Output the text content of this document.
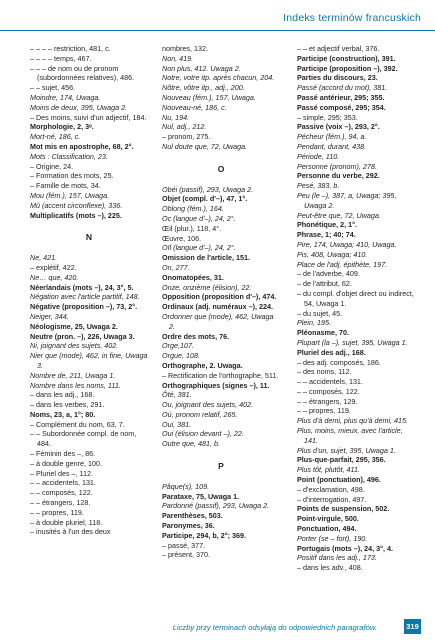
Indeks terminów francuskich
– – – – restriction, 481, c.
– – – – temps, 467.
– – – de nom ou de pronom (subordonnées relatives), 486.
– – sujet, 456.
Moindre, 174, Uwaga.
Moins de deux, 395, Uwaga 2.
– Des moins, suivi d'un adjectif, 184.
Morphologie, 2, 3ᵉ.
Mort-né, 186, c.
Mot mis en apostrophe, 68, 2°.
Mots : Classification, 23.
– Origine, 24.
– Formation des mots, 25.
– Famille de mots, 34.
Mou (fém.), 157, Uwaga.
Mû (accent circonflexe), 336.
Multiplicatifs (mots –), 225.
N
Ne, 421.
– explétif, 422.
Ne… que, 420.
Néerlandais (mots –), 24, 3°, 5.
Négation avec l'article partitif, 148.
Négative (proposition –), 73, 2°.
Neiger, 344.
Néologisme, 25, Uwaga 2.
Neutre (pron. –), 226, Uwaga 3.
Ni, joignant des sujets, 402.
Nier que (mode), 462, in fine, Uwaga 3.
Nombre de, 211, Uwaga 1.
Nombre dans les noms, 111.
– dans les adj., 168.
– dans les verbes, 291.
Noms, 23, a, 1°; 80.
– Complément du nom, 63, 7.
– – Subordonnée compl. de nom, 484.
– Féminin des –, 86.
– à double genre, 100.
– Pluriel des –, 112.
– – accidentels, 131.
– – composés, 122.
– – étrangers, 128.
– – propres, 119.
– à double pluriel, 118.
– inusités à l'un des deux
nombres, 132.
Non, 419.
Non plus, 412. Uwaga 2.
Notre, votre itp. après chacun, 204.
Nôtre, vôtre itp., adj., 200.
Nouveau (fém.), 157, Uwaga.
Nouveau-né, 186, c.
Nu, 194.
Nul, adj., 212.
– pronom, 275.
Nul doute que, 72, Uwaga.
O
Obéi (passif), 293, Uwaga 2.
Objet (compl. d'–), 47, 1°.
Oblong (fém.), 164.
Oc (langue d'–), 24, 2°.
Œil (plur.), 118, 4°.
Œuvre, 106.
Oïl (langue d'–), 24, 2°.
Omission de l'article, 151.
On, 277.
Onomatopées, 31.
Onze, onzième (élision), 22.
Opposition (proposition d'–), 474.
Ordinaux (adj. numéraux –), 224.
Ordonner que (mode), 462, Uwaga 2.
Ordre des mots, 76.
Orge,107.
Orgue, 108.
Orthographe, 2. Uwaga.
– Rectification de l'orthographe, 511.
Orthographiques (signes –), 11.
Ôté, 381.
Ou, joignant des sujets, 402.
Où, pronom relatif, 265.
Oui, 381.
Oui (élision devant –), 22.
Outre que, 481, b.
P
Pâque(s), 109.
Parataxe, 75, Uwaga 1.
Pardonné (passif), 293, Uwaga 2.
Parenthèses, 503.
Paronymes, 36.
Participe, 294, b, 2°; 369.
– passé, 377.
– présent, 370.
– – et adjectif verbal, 376.
Participe (construction), 391.
Participe (proposition –), 392.
Parties du discours, 23.
Passé (accord du mot), 381.
Passé antérieur, 295; 355.
Passé composé, 295; 354.
– simple, 295; 353.
Passive (voix –), 293, 2°.
Pécheur (fém.), 94, a.
Pendant, durant, 438.
Période, 110.
Personne (pronom), 278.
Personne du verbe, 292.
Pesé, 383, b.
Peu (le –), 387, a, Uwaga; 395, Uwaga 2.
Peut-être que, 72, Uwaga.
Phonétique, 2, 1°.
Phrase, 1; 40; 74.
Pire, 174, Uwaga; 410, Uwaga.
Pis, 408, Uwaga; 410.
Place de l'adj. épithète, 197.
– de l'adverbe, 409.
– de l'attribut, 62.
– du compl. d'objet direct ou indirect, 54, Uwaga 1.
– du sujet, 45.
Plein, 195.
Pléonasme, 70.
Plupart (la –), sujet, 395, Uwaga 1.
Pluriel des adj., 168.
– des adj. composés, 186.
– des noms, 112.
– – accidentels, 131.
– – composés, 122.
– – étrangers, 129.
– – propres, 119.
Plus d'à demi, plus qu'à demi, 415.
Plus, moins, mieux, avec l'article, 141.
Plus d'un, sujet, 395, Uwaga 1.
Plus-que-parfait, 295, 356.
Plus tôt, plutôt, 411.
Point (ponctuation), 496.
– d'exclamation, 498.
– d'interrogation, 497.
Points de suspension, 502.
Point-virgule, 500.
Ponctuation, 494.
Porter (se – fort), 190.
Portugais (mots –), 24, 3°, 4.
Positif dans les adj., 173.
– dans les adv., 408.
Liczby przy terminach odsyłają do odpowiednich paragrafów.	319
